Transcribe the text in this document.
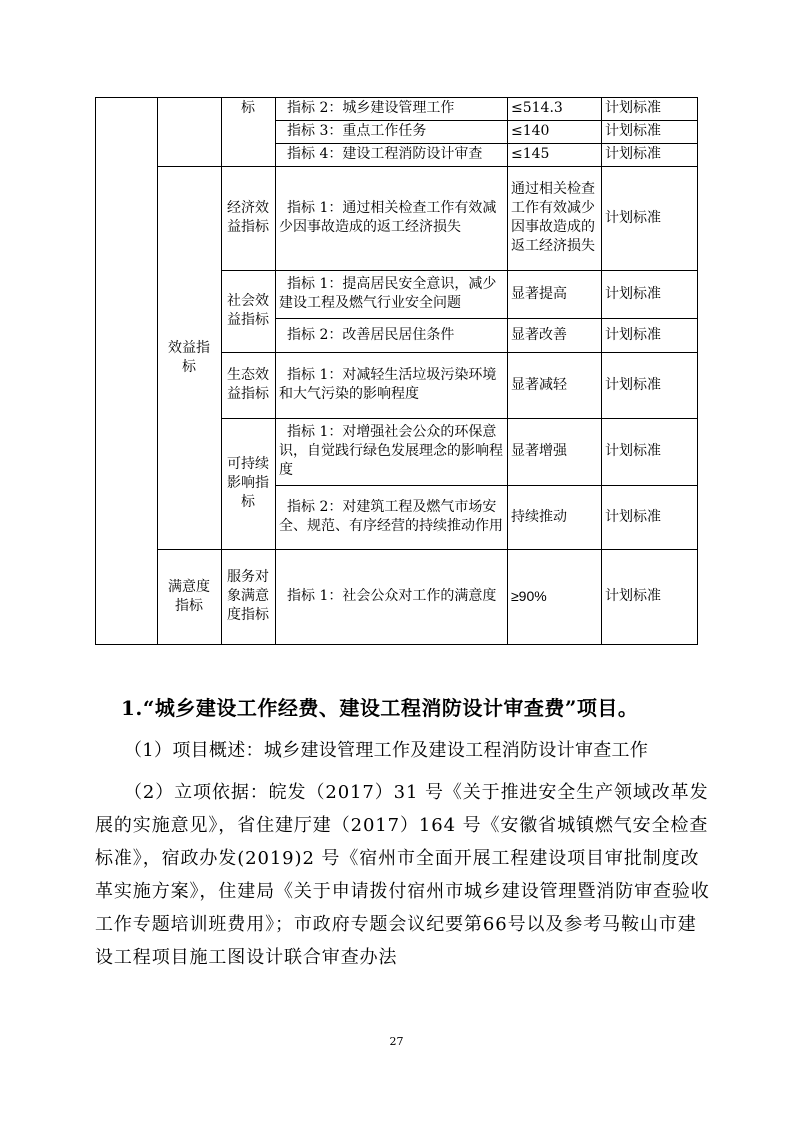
标
经济效益指标
社会效益指标
生态效益指标
可持续影响指标
服务对象满意度指标
效益指标
满意度指标
指标 2：城乡建设管理工作
指标 3：重点工作任务
指标 4：建设工程消防设计审查
指标 1：通过相关检查工作有效减少因事故造成的返工经济损失
指标 1：提高居民安全意识，减少建设工程及燃气行业安全问题
指标 2：改善居民居住条件
指标 1：对减轻生活垃圾污染环境和大气污染的影响程度
指标 1：对增强社会公众的环保意识，自觉践行绿色发展理念的影响程度
指标 2：对建筑工程及燃气市场安全、规范、有序经营的持续推动作用
指标 1：社会公众对工作的满意度
≤514.3
≤140
≤145
通过相关检查工作有效减少因事故造成的返工经济损失
显著提高
显著改善
显著减轻
显著增强
持续推动
≥90%
计划标准
计划标准
计划标准
计划标准
计划标准
计划标准
计划标准
计划标准
计划标准
计划标准
1.“城乡建设工作经费、建设工程消防设计审查费”项目。
（1）项目概述：城乡建设管理工作及建设工程消防设计审查工作
（2）立项依据：皖发（2017）31 号《关于推进安全生产领域改革发展的实施意见》，省住建厅建（2017）164 号《安徽省城镇燃气安全检查标准》，宿政办发(2019)2 号《宿州市全面开展工程建设项目审批制度改革实施方案》，住建局《关于申请拨付宿州市城乡建设管理暨消防审查验收工作专题培训班费用》；市政府专题会议纪要第66号以及参考马鞍山市建设工程项目施工图设计联合审查办法
27
